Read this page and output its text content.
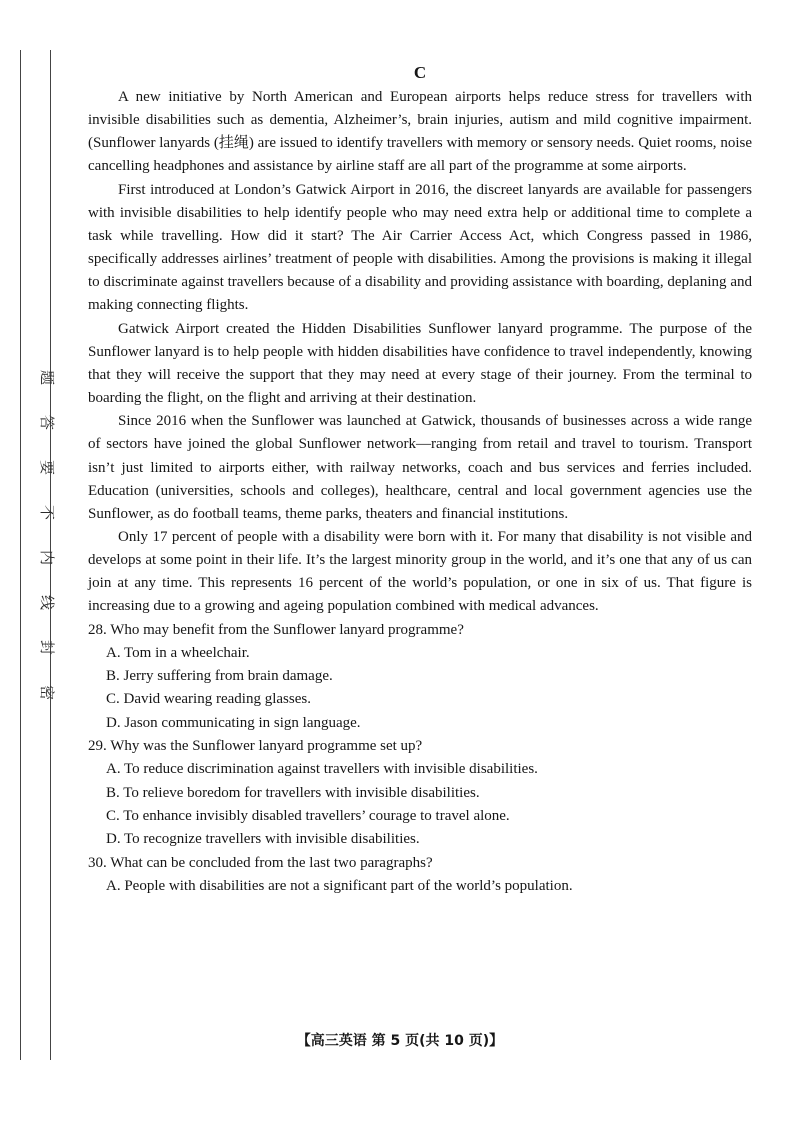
题
答
要
不
内
线
封
密
C

A new initiative by North American and European airports helps reduce stress for travellers with invisible disabilities such as dementia, Alzheimer’s, brain injuries, autism and mild cognitive impairment. (Sunflower lanyards (挂绳) are issued to identify travellers with memory or sensory needs. Quiet rooms, noise cancelling headphones and assistance by airline staff are all part of the programme at some airports.

First introduced at London’s Gatwick Airport in 2016, the discreet lanyards are available for passengers with invisible disabilities to help identify people who may need extra help or additional time to complete a task while travelling. How did it start? The Air Carrier Access Act, which Congress passed in 1986, specifically addresses airlines’ treatment of people with disabilities. Among the provisions is making it illegal to discriminate against travellers because of a disability and providing assistance with boarding, deplaning and making connecting flights.

Gatwick Airport created the Hidden Disabilities Sunflower lanyard programme. The purpose of the Sunflower lanyard is to help people with hidden disabilities have confidence to travel independently, knowing that they will receive the support that they may need at every stage of their journey. From the terminal to boarding the flight, on the flight and arriving at their destination.

Since 2016 when the Sunflower was launched at Gatwick, thousands of businesses across a wide range of sectors have joined the global Sunflower network—ranging from retail and travel to tourism. Transport isn’t just limited to airports either, with railway networks, coach and bus services and ferries included. Education (universities, schools and colleges), healthcare, central and local government agencies use the Sunflower, as do football teams, theme parks, theaters and financial institutions.

Only 17 percent of people with a disability were born with it. For many that disability is not visible and develops at some point in their life. It’s the largest minority group in the world, and it’s one that any of us can join at any time. This represents 16 percent of the world’s population, or one in six of us. That figure is increasing due to a growing and ageing population combined with medical advances.

28. Who may benefit from the Sunflower lanyard programme?

A. Tom in a wheelchair.

B. Jerry suffering from brain damage.

C. David wearing reading glasses.

D. Jason communicating in sign language.

29. Why was the Sunflower lanyard programme set up?

A. To reduce discrimination against travellers with invisible disabilities.

B. To relieve boredom for travellers with invisible disabilities.

C. To enhance invisibly disabled travellers’ courage to travel alone.

D. To recognize travellers with invisible disabilities.

30. What can be concluded from the last two paragraphs?

A. People with disabilities are not a significant part of the world’s population.

【高三英语 第 5 页(共 10 页)】
